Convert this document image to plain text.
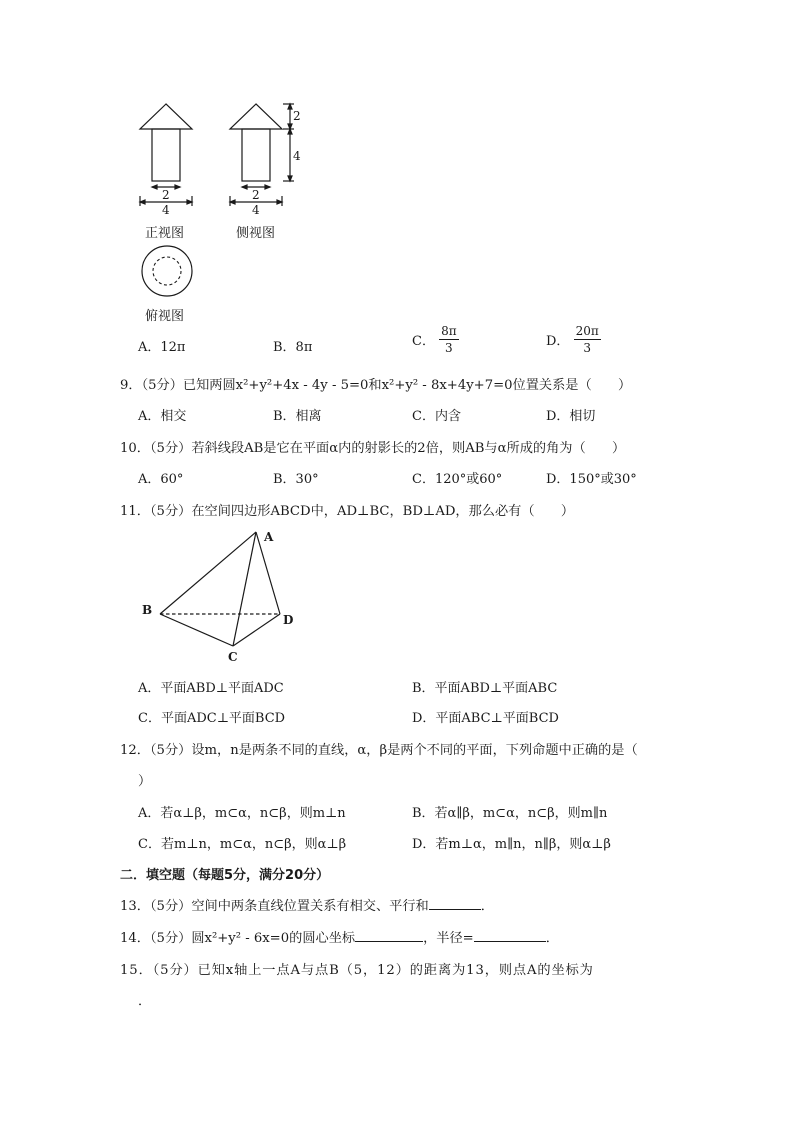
2
4
2
4
2
4
正视图	侧视图
俯视图
A．12π	B．8π	C． $\frac{8\pi}{3}$	D． $\frac{20\pi}{3}$
9．（5分）已知两圆x²+y²+4x - 4y - 5=0和x²+y² - 8x+4y+7=0位置关系是（　　）
A．相交	B．相离	C．内含	D．相切
10．（5分）若斜线段AB是它在平面α内的射影长的2倍，则AB与α所成的角为（　　）
A．60°	B．30°	C．120°或60°	D．150°或30°
11．（5分）在空间四边形ABCD中，AD⊥BC，BD⊥AD，那么必有（　　）
A
B
C
D
A．平面ABD⊥平面ADC	B．平面ABD⊥平面ABC
C．平面ADC⊥平面BCD	D．平面ABC⊥平面BCD
12．（5分）设m，n是两条不同的直线，α，β是两个不同的平面，下列命题中正确的是（
）
A．若α⊥β，m⊂α，n⊂β，则m⊥n	B．若α∥β，m⊂α，n⊂β，则m∥n
C．若m⊥n，m⊂α，n⊂β，则α⊥β	D．若m⊥α，m∥n，n∥β，则α⊥β
二．填空题（每题5分，满分20分）
13．（5分）空间中两条直线位置关系有相交、平行和	．
14．（5分）圆x²+y² - 6x=0的圆心坐标	，半径=	．
15．（5分）已知x轴上一点A与点B（5，12）的距离为13，则点A的坐标为
．
